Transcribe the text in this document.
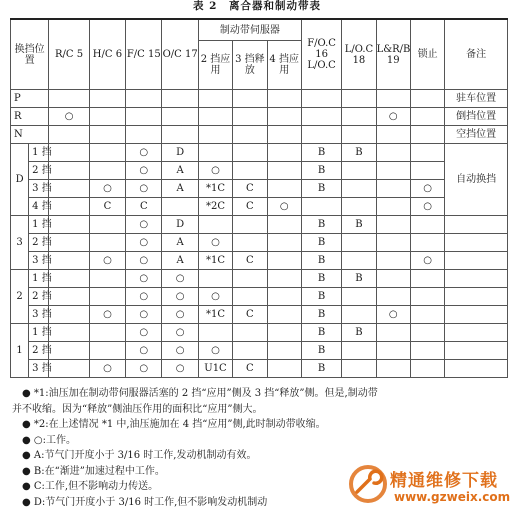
表 2　离合器和制动带表
换挡位置		R/C 5	H/C 6	F/C 15	O/C 17	制动带伺服器			F/O.C 16 L/O.C	L/O.C 18	L&R/B 19	锁止	备注
						2 挡应用	3 挡释放	4 挡应用					
P													驻车位置
R		○									○		倒挡位置
N													空挡位置
D	1 挡			○	D				B	B			自动换挡
	2 挡			○	A	○			B				
	3 挡		○	○	A	*1C	C		B			○	
	4 挡		C	C		*2C	C	○				○	
3	1 挡			○	D				B	B			
	2 挡			○	A	○			B				
	3 挡		○	○	A	*1C	C		B			○	
2	1 挡			○	○				B	B			
	2 挡			○	○	○			B				
	3 挡		○	○	○	*1C	C		B		○		
1	1 挡			○	○				B	B			
	2 挡			○	○	○			B				
	3 挡		○	○	○	U1C	C		B				

● *1:油压加在制动带伺服器活塞的 2 挡“应用”侧及 3 挡“释放”侧。但是,制动带

并不收缩。因为“释放”侧油压作用的面积比“应用”侧大。

● *2:在上述情况 *1 中,油压施加在 4 挡“应用”侧,此时制动带收缩。

● ○:工作。

● A:节气门开度小于 3/16 时工作,发动机制动有效。

● B:在“渐进”加速过程中工作。

● C:工作,但不影响动力传送。

● D:节气门开度小于 3/16 时工作,但不影响发动机制动

精通维修下载
www.gzweix.com
